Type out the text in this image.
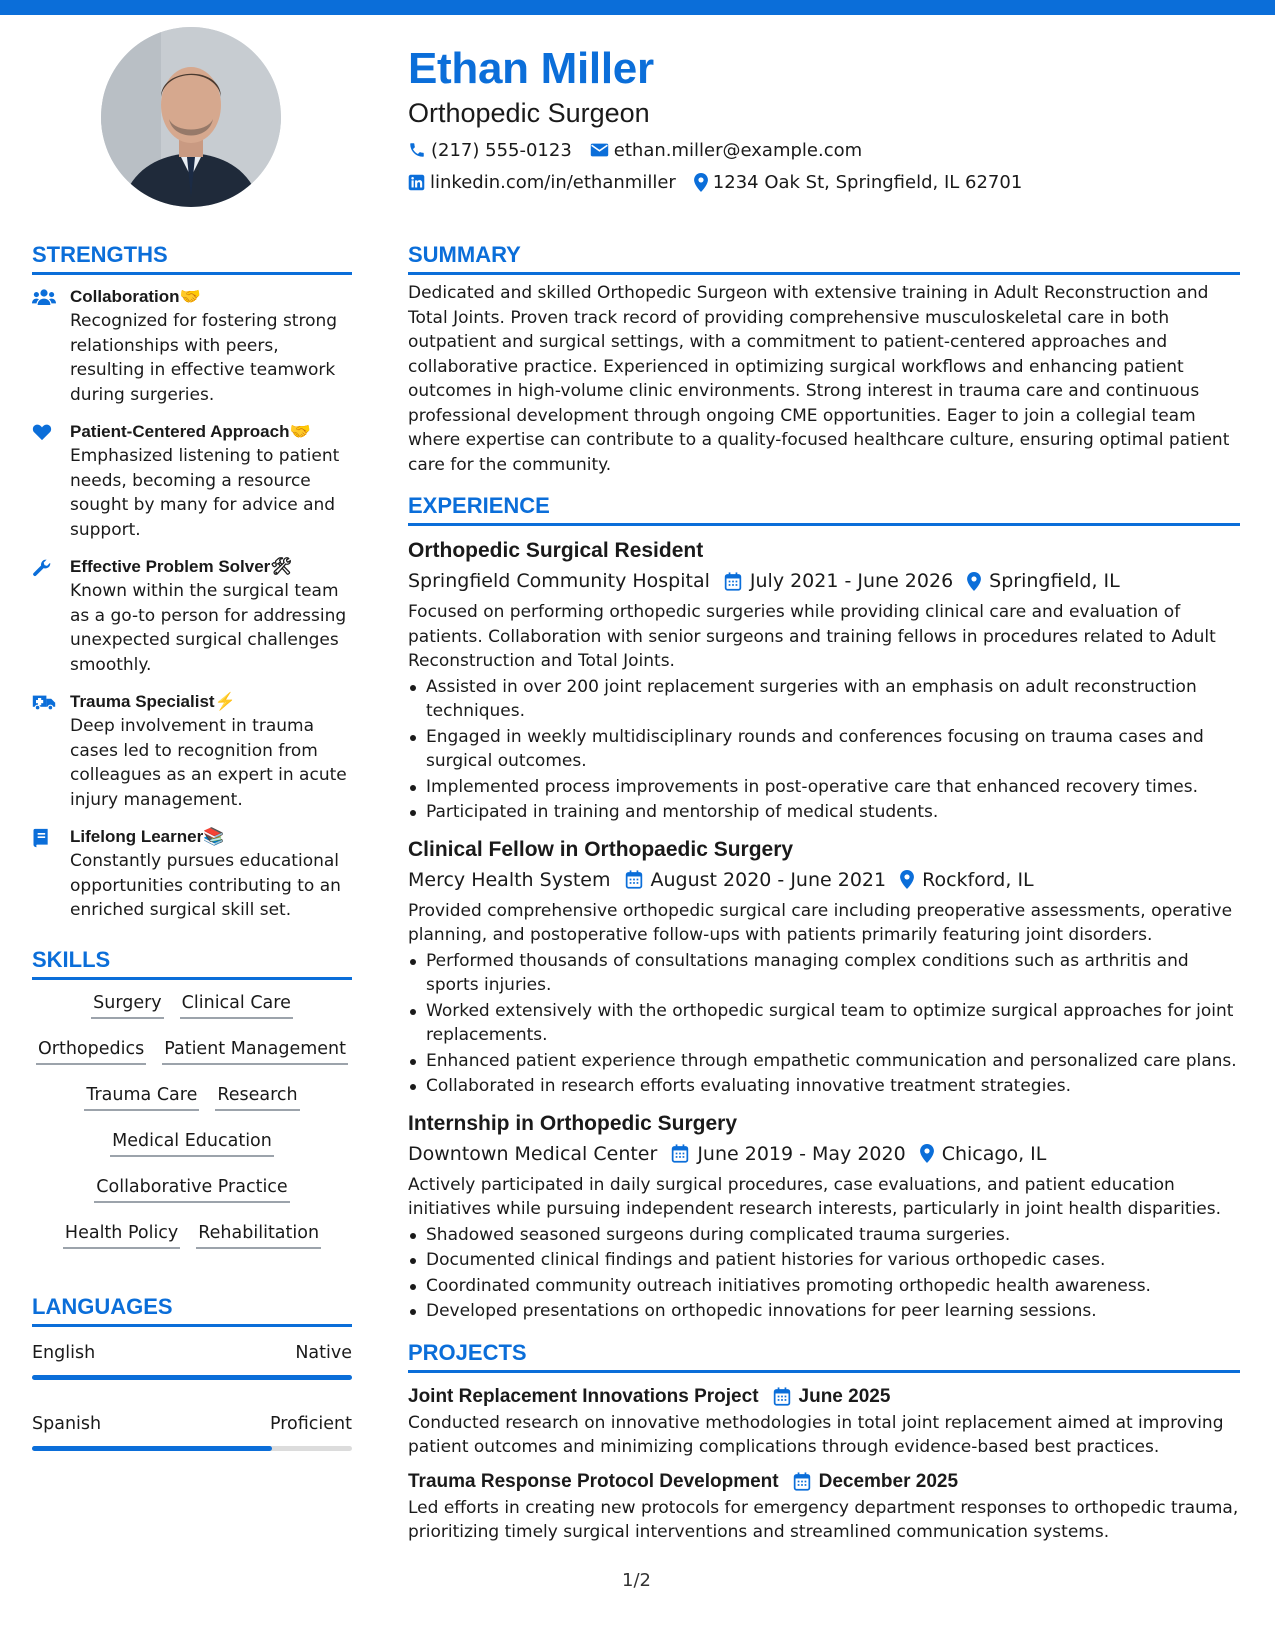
Ethan Miller
Orthopedic Surgeon
(217) 555-0123 ethan.miller@example.com
linkedin.com/in/ethanmiller 1234 Oak St, Springfield, IL 62701
STRENGTHS
Collaboration🤝
Recognized for fostering strong relationships with peers, resulting in effective teamwork during surgeries.
Patient-Centered Approach🤝
Emphasized listening to patient needs, becoming a resource sought by many for advice and support.
Effective Problem Solver🛠
Known within the surgical team as a go-to person for addressing unexpected surgical challenges smoothly.
Trauma Specialist⚡
Deep involvement in trauma cases led to recognition from colleagues as an expert in acute injury management.
Lifelong Learner📚
Constantly pursues educational opportunities contributing to an enriched surgical skill set.
SKILLS
Surgery Clinical Care
Orthopedics Patient Management
Trauma Care Research
Medical Education
Collaborative Practice
Health Policy Rehabilitation
LANGUAGES
English	Native
Spanish	Proficient
SUMMARY
Dedicated and skilled Orthopedic Surgeon with extensive training in Adult Reconstruction and Total Joints. Proven track record of providing comprehensive musculoskeletal care in both outpatient and surgical settings, with a commitment to patient-centered approaches and collaborative practice. Experienced in optimizing surgical workflows and enhancing patient outcomes in high-volume clinic environments. Strong interest in trauma care and continuous professional development through ongoing CME opportunities. Eager to join a collegial team where expertise can contribute to a quality-focused healthcare culture, ensuring optimal patient care for the community.
EXPERIENCE
Orthopedic Surgical Resident
Springfield Community Hospital July 2021 - June 2026 Springfield, IL
Focused on performing orthopedic surgeries while providing clinical care and evaluation of patients. Collaboration with senior surgeons and training fellows in procedures related to Adult Reconstruction and Total Joints.
Assisted in over 200 joint replacement surgeries with an emphasis on adult reconstruction techniques.
Engaged in weekly multidisciplinary rounds and conferences focusing on trauma cases and surgical outcomes.
Implemented process improvements in post-operative care that enhanced recovery times.
Participated in training and mentorship of medical students.
Clinical Fellow in Orthopaedic Surgery
Mercy Health System August 2020 - June 2021 Rockford, IL
Provided comprehensive orthopedic surgical care including preoperative assessments, operative planning, and postoperative follow-ups with patients primarily featuring joint disorders.
Performed thousands of consultations managing complex conditions such as arthritis and sports injuries.
Worked extensively with the orthopedic surgical team to optimize surgical approaches for joint replacements.
Enhanced patient experience through empathetic communication and personalized care plans.
Collaborated in research efforts evaluating innovative treatment strategies.
Internship in Orthopedic Surgery
Downtown Medical Center June 2019 - May 2020 Chicago, IL
Actively participated in daily surgical procedures, case evaluations, and patient education initiatives while pursuing independent research interests, particularly in joint health disparities.
Shadowed seasoned surgeons during complicated trauma surgeries.
Documented clinical findings and patient histories for various orthopedic cases.
Coordinated community outreach initiatives promoting orthopedic health awareness.
Developed presentations on orthopedic innovations for peer learning sessions.
PROJECTS
Joint Replacement Innovations Project June 2025
Conducted research on innovative methodologies in total joint replacement aimed at improving patient outcomes and minimizing complications through evidence-based best practices.
Trauma Response Protocol Development December 2025
Led efforts in creating new protocols for emergency department responses to orthopedic trauma, prioritizing timely surgical interventions and streamlined communication systems.
1/2
